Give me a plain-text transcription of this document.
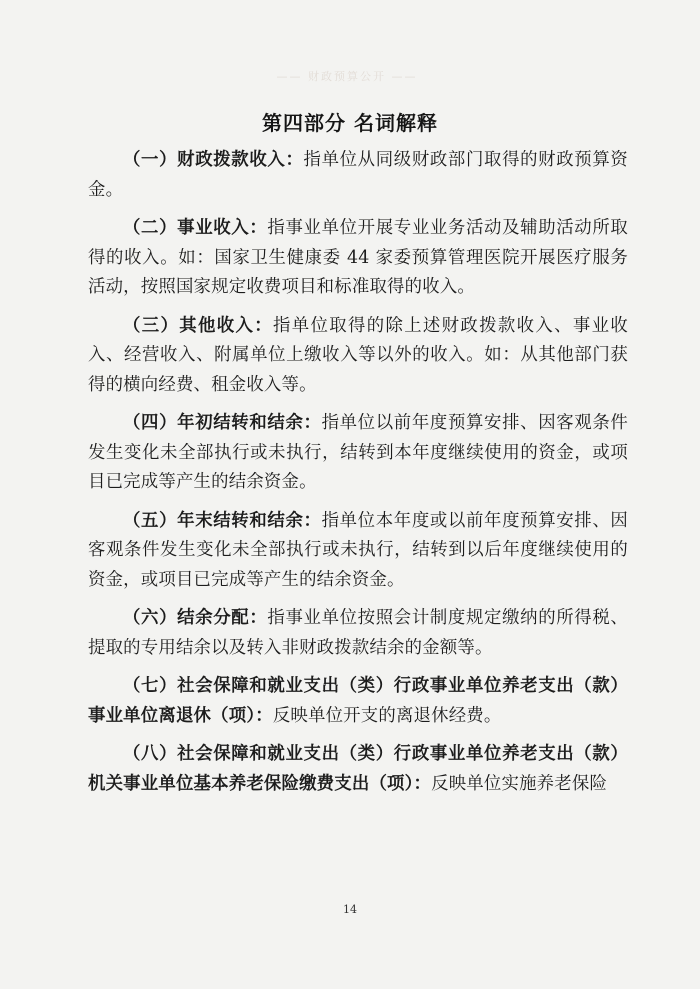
—— 财政预算公开 ——
第四部分 名词解释

（一）财政拨款收入：指单位从同级财政部门取得的财政预算资金。

（二）事业收入：指事业单位开展专业业务活动及辅助活动所取得的收入。如：国家卫生健康委 44 家委预算管理医院开展医疗服务活动，按照国家规定收费项目和标准取得的收入。

（三）其他收入：指单位取得的除上述财政拨款收入、事业收入、经营收入、附属单位上缴收入等以外的收入。如：从其他部门获得的横向经费、租金收入等。

（四）年初结转和结余：指单位以前年度预算安排、因客观条件发生变化未全部执行或未执行，结转到本年度继续使用的资金，或项目已完成等产生的结余资金。

（五）年末结转和结余：指单位本年度或以前年度预算安排、因客观条件发生变化未全部执行或未执行，结转到以后年度继续使用的资金，或项目已完成等产生的结余资金。

（六）结余分配：指事业单位按照会计制度规定缴纳的所得税、提取的专用结余以及转入非财政拨款结余的金额等。

（七）社会保障和就业支出（类）行政事业单位养老支出（款）事业单位离退休（项）：反映单位开支的离退休经费。

（八）社会保障和就业支出（类）行政事业单位养老支出（款）机关事业单位基本养老保险缴费支出（项）：反映单位实施养老保险

14
